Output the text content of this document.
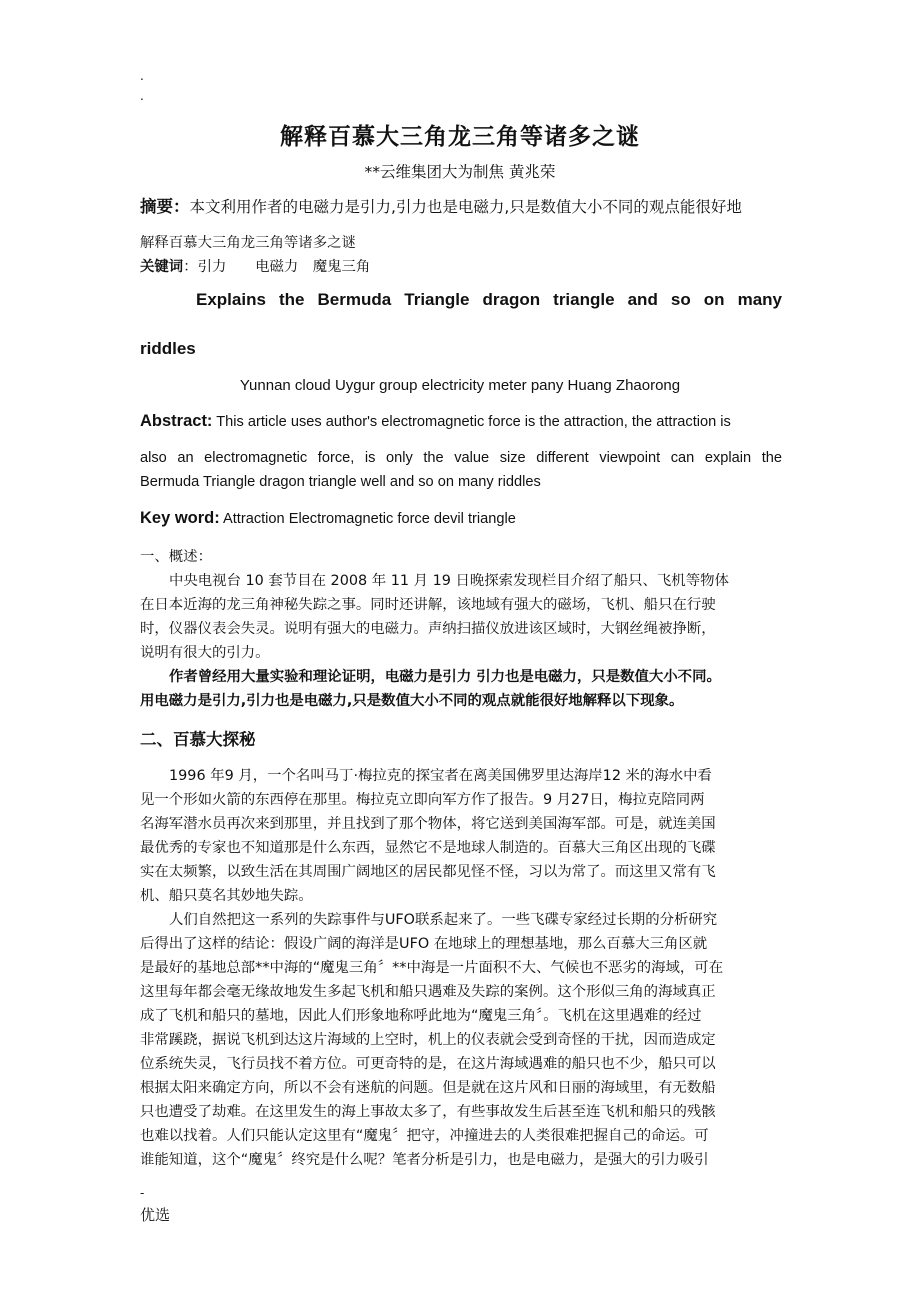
.
.
解释百慕大三角龙三角等诸多之谜
**云维集团大为制焦 黄兆荣
摘要：本文利用作者的电磁力是引力,引力也是电磁力,只是数值大小不同的观点能很好地
解释百慕大三角龙三角等诸多之谜
关键词：引力　　电磁力　魔鬼三角
Explains the Bermuda Triangle dragon triangle and so on many
riddles
Yunnan cloud Uygur group electricity meter pany Huang Zhaorong
Abstract: This article uses author's electromagnetic force is the attraction, the attraction is
also an electromagnetic force, is only the value size different viewpoint can explain the
Bermuda Triangle dragon triangle well and so on many riddles
Key word: Attraction Electromagnetic force devil triangle
一、概述：
中央电视台 10 套节目在 2008 年 11 月 19 日晚探索发现栏目介绍了船只、飞机等物体
在日本近海的龙三角神秘失踪之事。同时还讲解，该地域有强大的磁场，飞机、船只在行驶
时，仪器仪表会失灵。说明有强大的电磁力。声纳扫描仪放进该区域时，大钢丝绳被挣断，
说明有很大的引力。
作者曾经用大量实验和理论证明，电磁力是引力 引力也是电磁力，只是数值大小不同。
用电磁力是引力,引力也是电磁力,只是数值大小不同的观点就能很好地解释以下现象。
二、百慕大探秘
1996 年9 月，一个名叫马丁·梅拉克的探宝者在离美国佛罗里达海岸12 米的海水中看
见一个形如火箭的东西停在那里。梅拉克立即向军方作了报告。9 月27日，梅拉克陪同两
名海军潜水员再次来到那里，并且找到了那个物体，将它送到美国海军部。可是，就连美国
最优秀的专家也不知道那是什么东西，显然它不是地球人制造的。百慕大三角区出现的飞碟
实在太频繁，以致生活在其周围广阔地区的居民都见怪不怪，习以为常了。而这里又常有飞
机、船只莫名其妙地失踪。
人们自然把这一系列的失踪事件与UFO联系起来了。一些飞碟专家经过长期的分析研究
后得出了这样的结论：假设广阔的海洋是UFO 在地球上的理想基地，那么百慕大三角区就
是最好的基地总部**中海的“魔鬼三角〞**中海是一片面积不大、气候也不恶劣的海域，可在
这里每年都会毫无缘故地发生多起飞机和船只遇难及失踪的案例。这个形似三角的海域真正
成了飞机和船只的墓地，因此人们形象地称呼此地为“魔鬼三角〞。飞机在这里遇难的经过
非常蹊跷，据说飞机到达这片海域的上空时，机上的仪表就会受到奇怪的干扰，因而造成定
位系统失灵，飞行员找不着方位。可更奇特的是，在这片海域遇难的船只也不少，船只可以
根据太阳来确定方向，所以不会有迷航的问题。但是就在这片风和日丽的海域里，有无数船
只也遭受了劫难。在这里发生的海上事故太多了，有些事故发生后甚至连飞机和船只的残骸
也难以找着。人们只能认定这里有“魔鬼〞把守，冲撞进去的人类很难把握自己的命运。可
谁能知道，这个“魔鬼〞终究是什么呢？笔者分析是引力，也是电磁力，是强大的引力吸引
-
优选
